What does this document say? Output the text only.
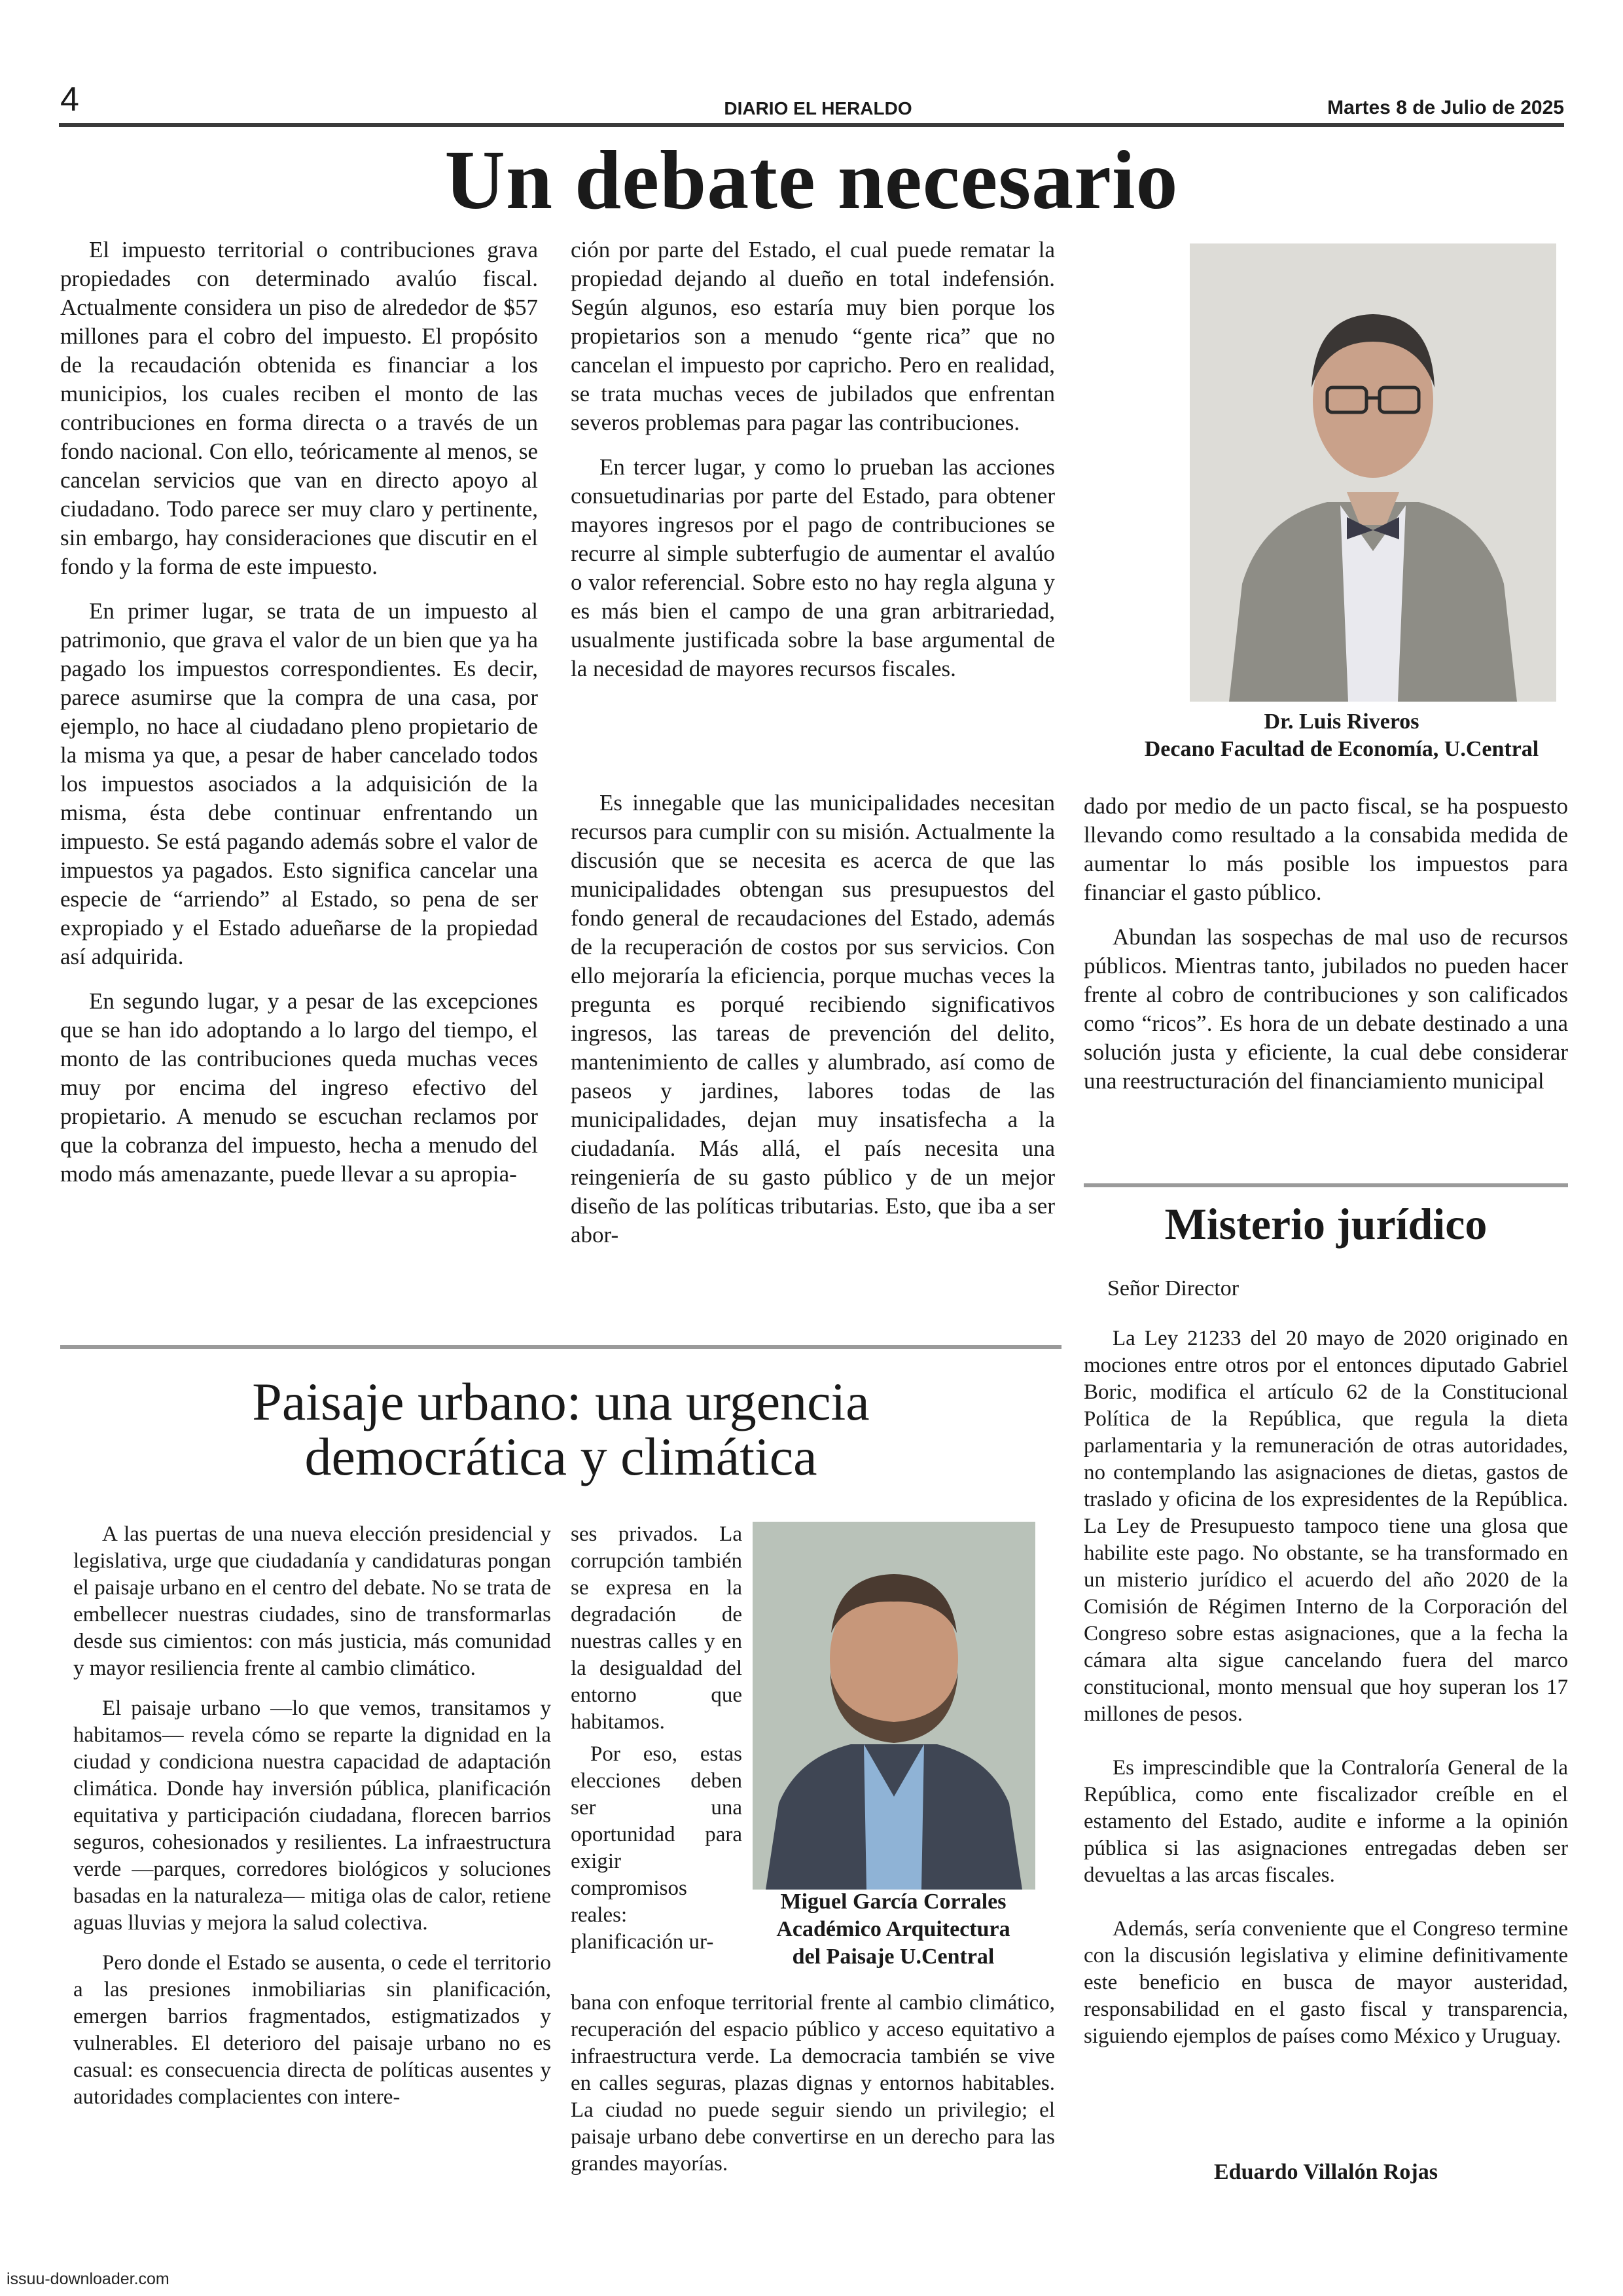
4	DIARIO EL HERALDO	Martes 8 de Julio de 2025
Un debate necesario

El impuesto territorial o contribuciones grava propiedades con determinado avalúo fiscal. Actualmente considera un piso de alrededor de $57 millones para el cobro del impuesto. El propósito de la recaudación obtenida es financiar a los municipios, los cuales reciben el monto de las contribuciones en forma directa o a través de un fondo nacional. Con ello, teóricamente al menos, se cancelan servicios que van en directo apoyo al ciudadano. Todo parece ser muy claro y pertinente, sin embargo, hay consideraciones que discutir en el fondo y la forma de este impuesto.

En primer lugar, se trata de un impuesto al patrimonio, que grava el valor de un bien que ya ha pagado los impuestos correspondientes. Es decir, parece asumirse que la compra de una casa, por ejemplo, no hace al ciudadano pleno propietario de la misma ya que, a pesar de haber cancelado todos los impuestos asociados a la adquisición de la misma, ésta debe continuar enfrentando un impuesto. Se está pagando además sobre el valor de impuestos ya pagados. Esto significa cancelar una especie de “arriendo” al Estado, so pena de ser expropiado y el Estado adueñarse de la propiedad así adquirida.

En segundo lugar, y a pesar de las excepciones que se han ido adoptando a lo largo del tiempo, el monto de las contribuciones queda muchas veces muy por encima del ingreso efectivo del propietario. A menudo se escuchan reclamos por que la cobranza del impuesto, hecha a menudo del modo más amenazante, puede llevar a su apropia-

ción por parte del Estado, el cual puede rematar la propiedad dejando al dueño en total indefensión. Según algunos, eso estaría muy bien porque los propietarios son a menudo “gente rica” que no cancelan el impuesto por capricho. Pero en realidad, se trata muchas veces de jubilados que enfrentan severos problemas para pagar las contribuciones.

En tercer lugar, y como lo prueban las acciones consuetudinarias por parte del Estado, para obtener mayores ingresos por el pago de contribuciones se recurre al simple subterfugio de aumentar el avalúo o valor referencial. Sobre esto no hay regla alguna y es más bien el campo de una gran arbitrariedad, usualmente justificada sobre la base argumental de la necesidad de mayores recursos fiscales.

Es innegable que las municipalidades necesitan recursos para cumplir con su misión. Actualmente la discusión que se necesita es acerca de que las municipalidades obtengan sus presupuestos del fondo general de recaudaciones del Estado, además de la recuperación de costos por sus servicios. Con ello mejoraría la eficiencia, porque muchas veces la pregunta es porqué recibiendo significativos ingresos, las tareas de prevención del delito, mantenimiento de calles y alumbrado, así como de paseos y jardines, labores todas de las municipalidades, dejan muy insatisfecha a la ciudadanía. Más allá, el país necesita una reingeniería de su gasto público y de un mejor diseño de las políticas tributarias. Esto, que iba a ser abor-

Dr. Luis Riveros
Decano Facultad de Economía, U.Central

dado por medio de un pacto fiscal, se ha pospuesto llevando como resultado a la consabida medida de aumentar lo más posible los impuestos para financiar el gasto público.

Abundan las sospechas de mal uso de recursos públicos. Mientras tanto, jubilados no pueden hacer frente al cobro de contribuciones y son calificados como “ricos”. Es hora de un debate destinado a una solución justa y eficiente, la cual debe considerar una reestructuración del financiamiento municipal

Paisaje urbano: una urgencia
democrática y climática

A las puertas de una nueva elección presidencial y legislativa, urge que ciudadanía y candidaturas pongan el paisaje urbano en el centro del debate. No se trata de embellecer nuestras ciudades, sino de transformarlas desde sus cimientos: con más justicia, más comunidad y mayor resiliencia frente al cambio climático.

El paisaje urbano —lo que vemos, transitamos y habitamos— revela cómo se reparte la dignidad en la ciudad y condiciona nuestra capacidad de adaptación climática. Donde hay inversión pública, planificación equitativa y participación ciudadana, florecen barrios seguros, cohesionados y resilientes. La infraestructura verde —parques, corredores biológicos y soluciones basadas en la naturaleza— mitiga olas de calor, retiene aguas lluvias y mejora la salud colectiva.

Pero donde el Estado se ausenta, o cede el territorio a las presiones inmobiliarias sin planificación, emergen barrios fragmentados, estigmatizados y vulnerables. El deterioro del paisaje urbano no es casual: es consecuencia directa de políticas ausentes y autoridades complacientes con intere-

ses privados. La corrupción también se expresa en la degradación de nuestras calles y en la desigualdad del entorno que habitamos.

Por eso, estas elecciones deben ser una oportunidad para exigir compromisos reales: planificación ur-

Miguel García Corrales
Académico Arquitectura
del Paisaje U.Central

bana con enfoque territorial frente al cambio climático, recuperación del espacio público y acceso equitativo a infraestructura verde. La democracia también se vive en calles seguras, plazas dignas y entornos habitables. La ciudad no puede seguir siendo un privilegio; el paisaje urbano debe convertirse en un derecho para las grandes mayorías.

Misterio jurídico
Señor Director

La Ley 21233 del 20 mayo de 2020 originado en mociones entre otros por el entonces diputado Gabriel Boric, modifica el artículo 62 de la Constitucional Política de la República, que regula la dieta parlamentaria y la remuneración de otras autoridades, no contemplando las asignaciones de dietas, gastos de traslado y oficina de los expresidentes de la República. La Ley de Presupuesto tampoco tiene una glosa que habilite este pago. No obstante, se ha transformado en un misterio jurídico el acuerdo del año 2020 de la Comisión de Régimen Interno de la Corporación del Congreso sobre estas asignaciones, que a la fecha la cámara alta sigue cancelando fuera del marco constitucional, monto mensual que hoy superan los 17 millones de pesos.

Es imprescindible que la Contraloría General de la República, como ente fiscalizador creíble en el estamento del Estado, audite e informe a la opinión pública si las asignaciones entregadas deben ser devueltas a las arcas fiscales.

Además, sería conveniente que el Congreso termine con la discusión legislativa y elimine definitivamente este beneficio en busca de mayor austeridad, responsabilidad en el gasto fiscal y transparencia, siguiendo ejemplos de países como México y Uruguay.

Eduardo Villalón Rojas
issuu-downloader.com
